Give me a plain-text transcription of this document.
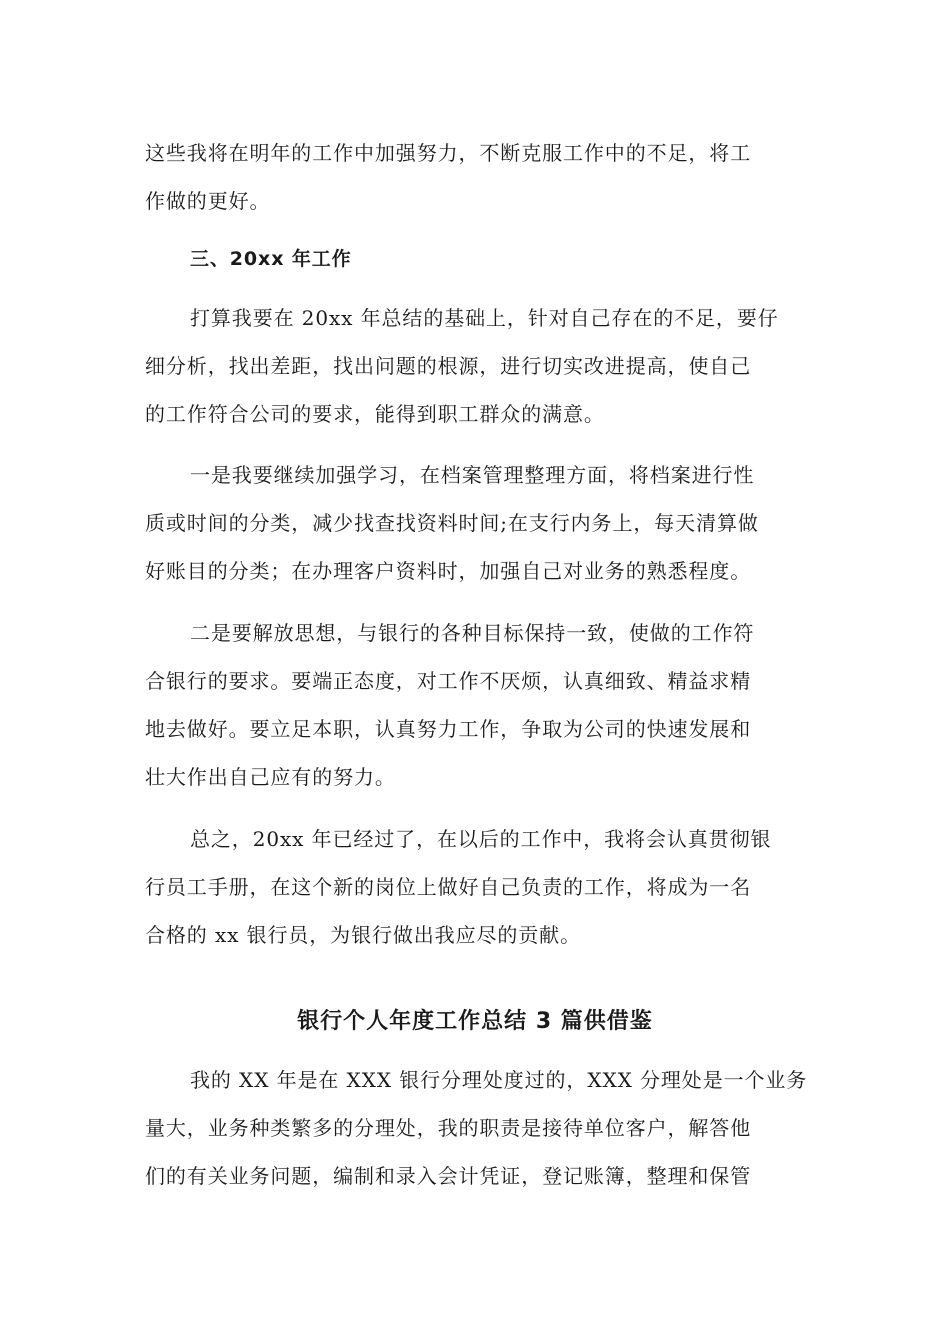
这些我将在明年的工作中加强努力，不断克服工作中的不足，将工
作做的更好。
三、20xx 年工作
打算我要在 20xx 年总结的基础上，针对自己存在的不足，要仔
细分析，找出差距，找出问题的根源，进行切实改进提高，使自己
的工作符合公司的要求，能得到职工群众的满意。
一是我要继续加强学习，在档案管理整理方面，将档案进行性
质或时间的分类，减少找查找资料时间;在支行内务上，每天清算做
好账目的分类；在办理客户资料时，加强自己对业务的熟悉程度。
二是要解放思想，与银行的各种目标保持一致，使做的工作符
合银行的要求。要端正态度，对工作不厌烦，认真细致、精益求精
地去做好。要立足本职，认真努力工作，争取为公司的快速发展和
壮大作出自己应有的努力。
总之，20xx 年已经过了，在以后的工作中，我将会认真贯彻银
行员工手册，在这个新的岗位上做好自己负责的工作，将成为一名
合格的 xx 银行员，为银行做出我应尽的贡献。
银行个人年度工作总结 3 篇供借鉴
我的 XX 年是在 XXX 银行分理处度过的，XXX 分理处是一个业务
量大，业务种类繁多的分理处，我的职责是接待单位客户，解答他
们的有关业务问题，编制和录入会计凭证，登记账簿，整理和保管
